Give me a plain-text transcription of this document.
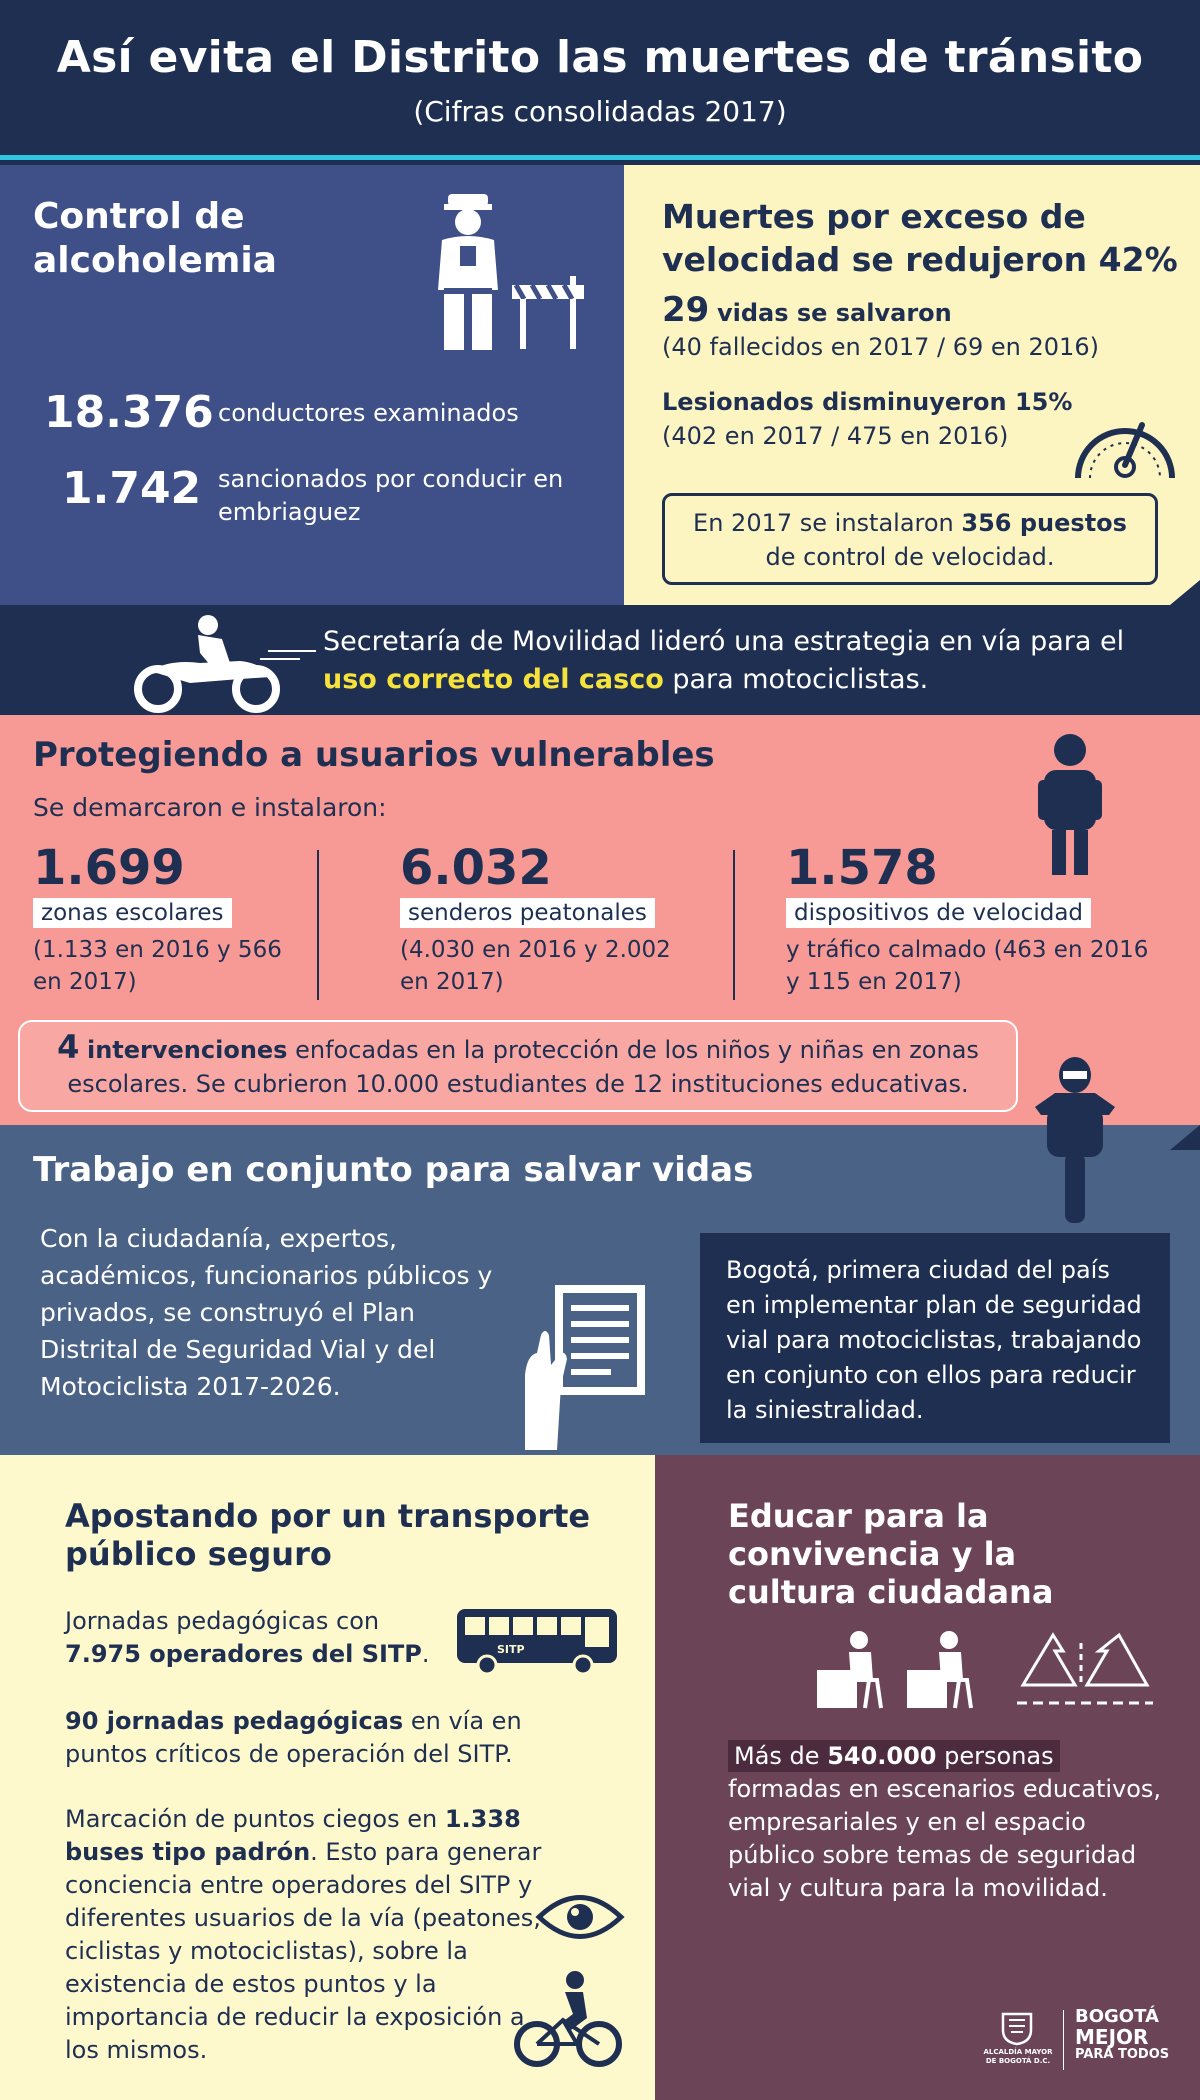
Así evita el Distrito las muertes de tránsito
(Cifras consolidadas 2017)
Control de alcoholemia
18.376 conductores examinados
1.742 sancionados por conducir en embriaguez
Muertes por exceso de velocidad se redujeron 42%
29 vidas se salvaron
(40 fallecidos en 2017 / 69 en 2016)
Lesionados disminuyeron 15%
(402 en 2017 / 475 en 2016)
En 2017 se instalaron 356 puestos
de control de velocidad.
Secretaría de Movilidad lideró una estrategia en vía para el uso correcto del casco para motociclistas.
Protegiendo a usuarios vulnerables
Se demarcaron e instalaron:
1.699
zonas escolares
(1.133 en 2016 y 566 en 2017)
6.032
senderos peatonales
(4.030 en 2016 y 2.002 en 2017)
1.578
dispositivos de velocidad
y tráfico calmado (463 en 2016 y 115 en 2017)
4 intervenciones enfocadas en la protección de los niños y niñas en zonas escolares. Se cubrieron 10.000 estudiantes de 12 instituciones educativas.
Trabajo en conjunto para salvar vidas
Con la ciudadanía, expertos, académicos, funcionarios públicos y privados, se construyó el Plan Distrital de Seguridad Vial y del Motociclista 2017-2026.
Bogotá, primera ciudad del país en implementar plan de seguridad vial para motociclistas, trabajando en conjunto con ellos para reducir la siniestralidad.
Apostando por un transporte público seguro
Jornadas pedagógicas con 7.975 operadores del SITP.	SITP
90 jornadas pedagógicas en vía en puntos críticos de operación del SITP.
Marcación de puntos ciegos en 1.338 buses tipo padrón. Esto para generar conciencia entre operadores del SITP y diferentes usuarios de la vía (peatones, ciclistas y motociclistas), sobre la existencia de estos puntos y la importancia de reducir la exposición a los mismos.
Educar para la convivencia y la cultura ciudadana
Más de 540.000 personas
formadas en escenarios educativos, empresariales y en el espacio público sobre temas de seguridad vial y cultura para la movilidad.
ALCALDÍA MAYOR
DE BOGOTÁ D.C.
BOGOTÁ
MEJOR
PARA TODOS
